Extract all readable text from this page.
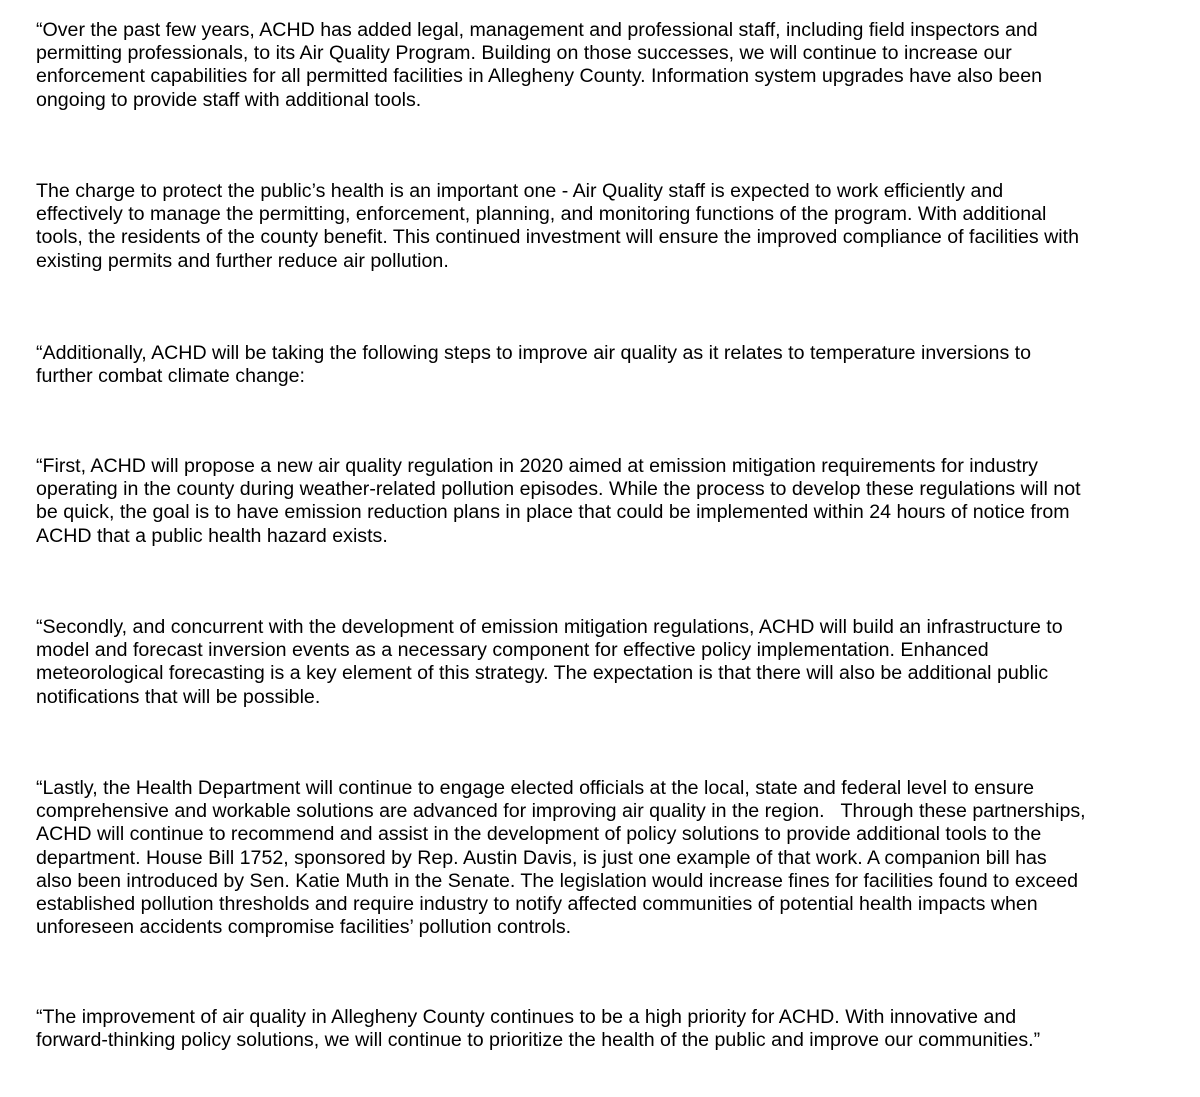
“Over the past few years, ACHD has added legal, management and professional staff, including field inspectors and
permitting professionals, to its Air Quality Program. Building on those successes, we will continue to increase our
enforcement capabilities for all permitted facilities in Allegheny County. Information system upgrades have also been
ongoing to provide staff with additional tools.

The charge to protect the public’s health is an important one - Air Quality staff is expected to work efficiently and
effectively to manage the permitting, enforcement, planning, and monitoring functions of the program. With additional
tools, the residents of the county benefit. This continued investment will ensure the improved compliance of facilities with
existing permits and further reduce air pollution.

“Additionally, ACHD will be taking the following steps to improve air quality as it relates to temperature inversions to
further combat climate change:

“First, ACHD will propose a new air quality regulation in 2020 aimed at emission mitigation requirements for industry
operating in the county during weather-related pollution episodes. While the process to develop these regulations will not
be quick, the goal is to have emission reduction plans in place that could be implemented within 24 hours of notice from
ACHD that a public health hazard exists.

“Secondly, and concurrent with the development of emission mitigation regulations, ACHD will build an infrastructure to
model and forecast inversion events as a necessary component for effective policy implementation. Enhanced
meteorological forecasting is a key element of this strategy. The expectation is that there will also be additional public
notifications that will be possible.

“Lastly, the Health Department will continue to engage elected officials at the local, state and federal level to ensure
comprehensive and workable solutions are advanced for improving air quality in the region.   Through these partnerships,
ACHD will continue to recommend and assist in the development of policy solutions to provide additional tools to the
department. House Bill 1752, sponsored by Rep. Austin Davis, is just one example of that work. A companion bill has
also been introduced by Sen. Katie Muth in the Senate. The legislation would increase fines for facilities found to exceed
established pollution thresholds and require industry to notify affected communities of potential health impacts when
unforeseen accidents compromise facilities’ pollution controls.

“The improvement of air quality in Allegheny County continues to be a high priority for ACHD. With innovative and
forward-thinking policy solutions, we will continue to prioritize the health of the public and improve our communities.”
